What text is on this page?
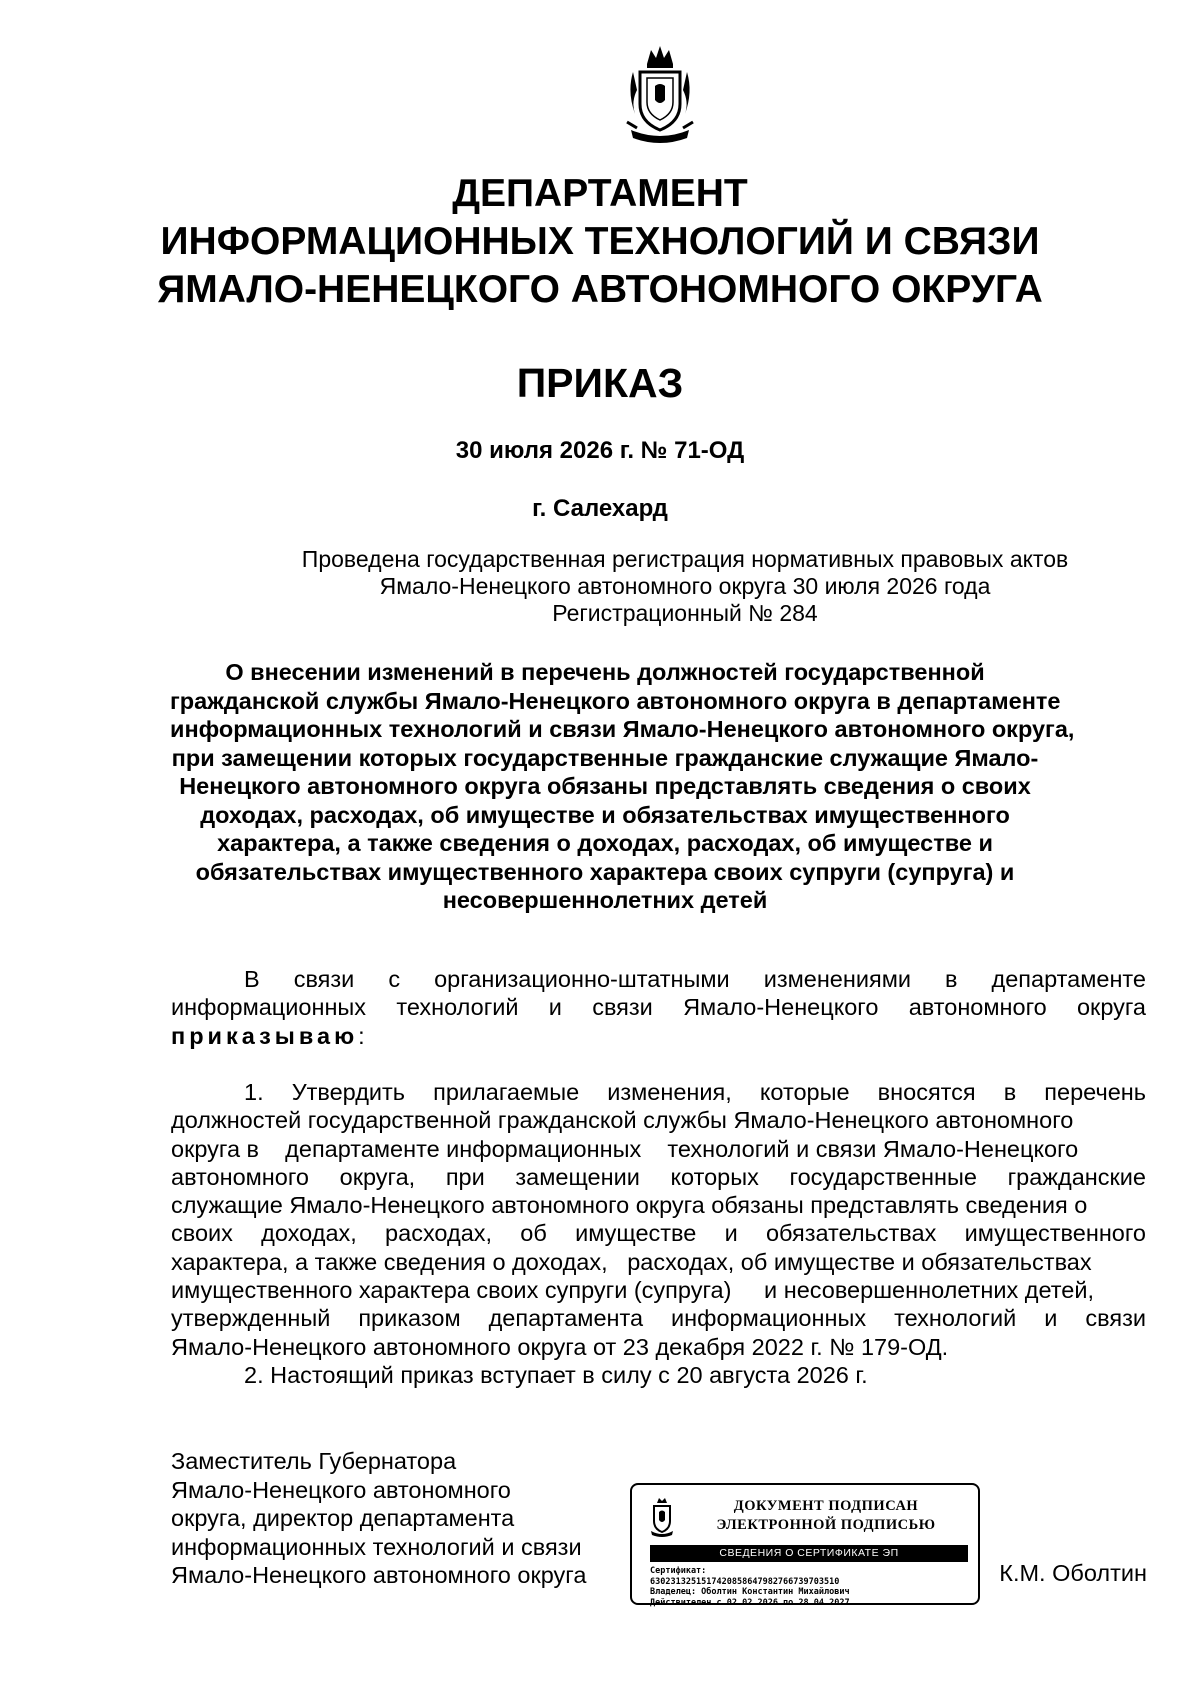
ДЕПАРТАМЕНТ
ИНФОРМАЦИОННЫХ ТЕХНОЛОГИЙ И СВЯЗИ
ЯМАЛО-НЕНЕЦКОГО АВТОНОМНОГО ОКРУГА
ПРИКАЗ
30 июля 2026 г. № 71-ОД
г. Салехард
Проведена государственная регистрация нормативных правовых актов
Ямало-Ненецкого автономного округа 30 июля 2026 года
Регистрационный № 284
О внесении изменений в перечень должностей государственной
гражданской службы Ямало-Ненецкого автономного округа в департаменте
информационных технологий и связи Ямало-Ненецкого автономного округа,
при замещении которых государственные гражданские служащие Ямало-
Ненецкого автономного округа обязаны представлять сведения о своих
доходах, расходах, об имуществе и обязательствах имущественного
характера, а также сведения о доходах, расходах, об имуществе и
обязательствах имущественного характера своих супруги (супруга) и
несовершеннолетних детей
В связи с организационно-штатными изменениями в департаменте
информационных технологий и связи Ямало-Ненецкого автономного округа
приказываю:
1. Утвердить прилагаемые изменения, которые вносятся в перечень
должностей государственной гражданской службы Ямало-Ненецкого автономного
округа в    департаменте информационных    технологий и связи Ямало-Ненецкого
автономного округа, при замещении которых государственные гражданские
служащие Ямало-Ненецкого автономного округа обязаны представлять сведения о
своих доходах, расходах, об имуществе и обязательствах имущественного
характера, а также сведения о доходах,   расходах, об имуществе и обязательствах
имущественного характера своих супруги (супруга)     и несовершеннолетних детей,
утвержденный приказом департамента информационных технологий и связи
Ямало-Ненецкого автономного округа от 23 декабря 2022 г. № 179-ОД.
2. Настоящий приказ вступает в силу с 20 августа 2026 г.
Заместитель Губернатора
Ямало-Ненецкого автономного
округа, директор департамента
информационных технологий и связи
Ямало-Ненецкого автономного округа
ДОКУМЕНТ ПОДПИСАН
ЭЛЕКТРОННОЙ ПОДПИСЬЮ
СВЕДЕНИЯ О СЕРТИФИКАТЕ ЭП
Сертификат:
6302313251517420858647982766739703510
Владелец: Оболтин Константин Михайлович
Действителен с 02.02.2026 по 28.04.2027
К.М. Оболтин
